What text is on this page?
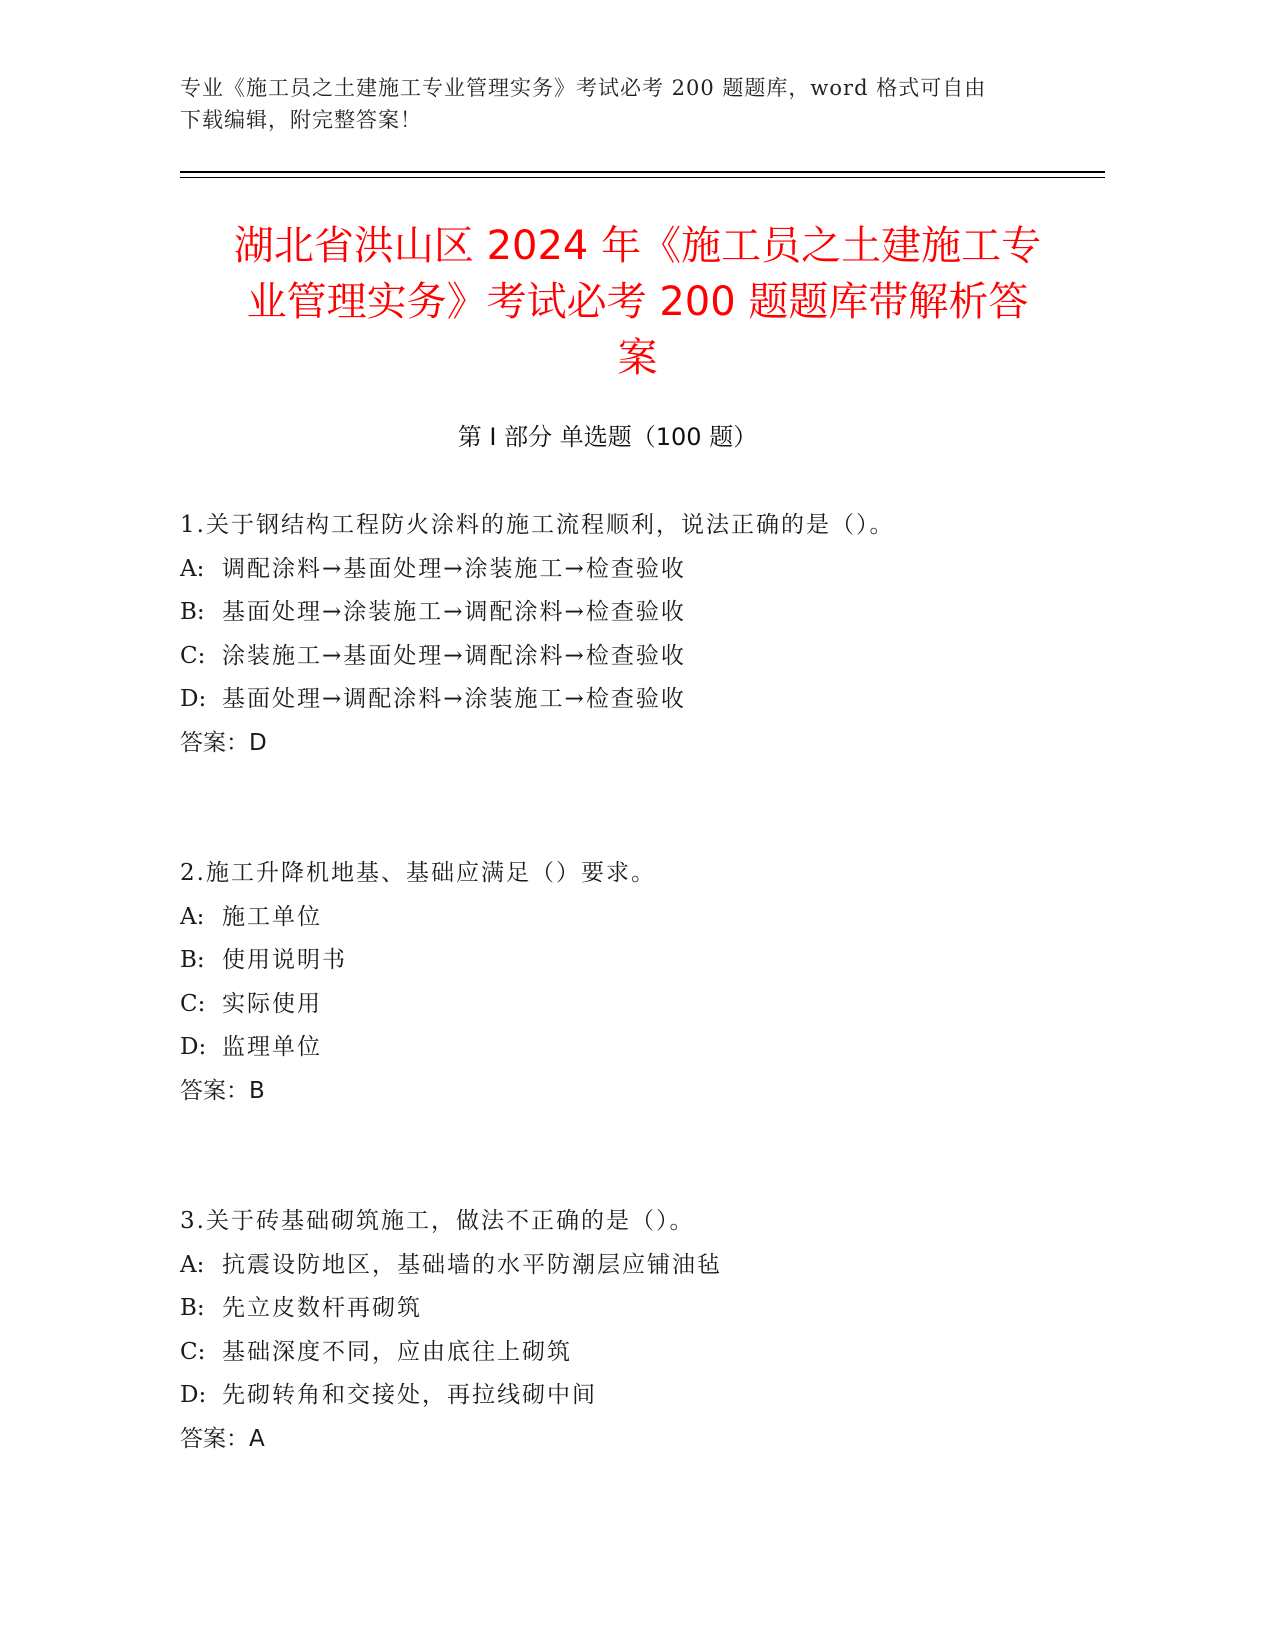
专业《施工员之土建施工专业管理实务》考试必考 200 题题库，word 格式可自由
下载编辑，附完整答案！
湖北省洪山区 2024 年《施工员之土建施工专
业管理实务》考试必考 200 题题库带解析答
案
第 I 部分 单选题（100 题）
1.关于钢结构工程防火涂料的施工流程顺利，说法正确的是（）。
A: 调配涂料→基面处理→涂装施工→检查验收
B: 基面处理→涂装施工→调配涂料→检查验收
C: 涂装施工→基面处理→调配涂料→检查验收
D: 基面处理→调配涂料→涂装施工→检查验收
答案：D
2.施工升降机地基、基础应满足（）要求。
A: 施工单位
B: 使用说明书
C: 实际使用
D: 监理单位
答案：B
3.关于砖基础砌筑施工，做法不正确的是（）。
A: 抗震设防地区，基础墙的水平防潮层应铺油毡
B: 先立皮数杆再砌筑
C: 基础深度不同，应由底往上砌筑
D: 先砌转角和交接处，再拉线砌中间
答案：A
